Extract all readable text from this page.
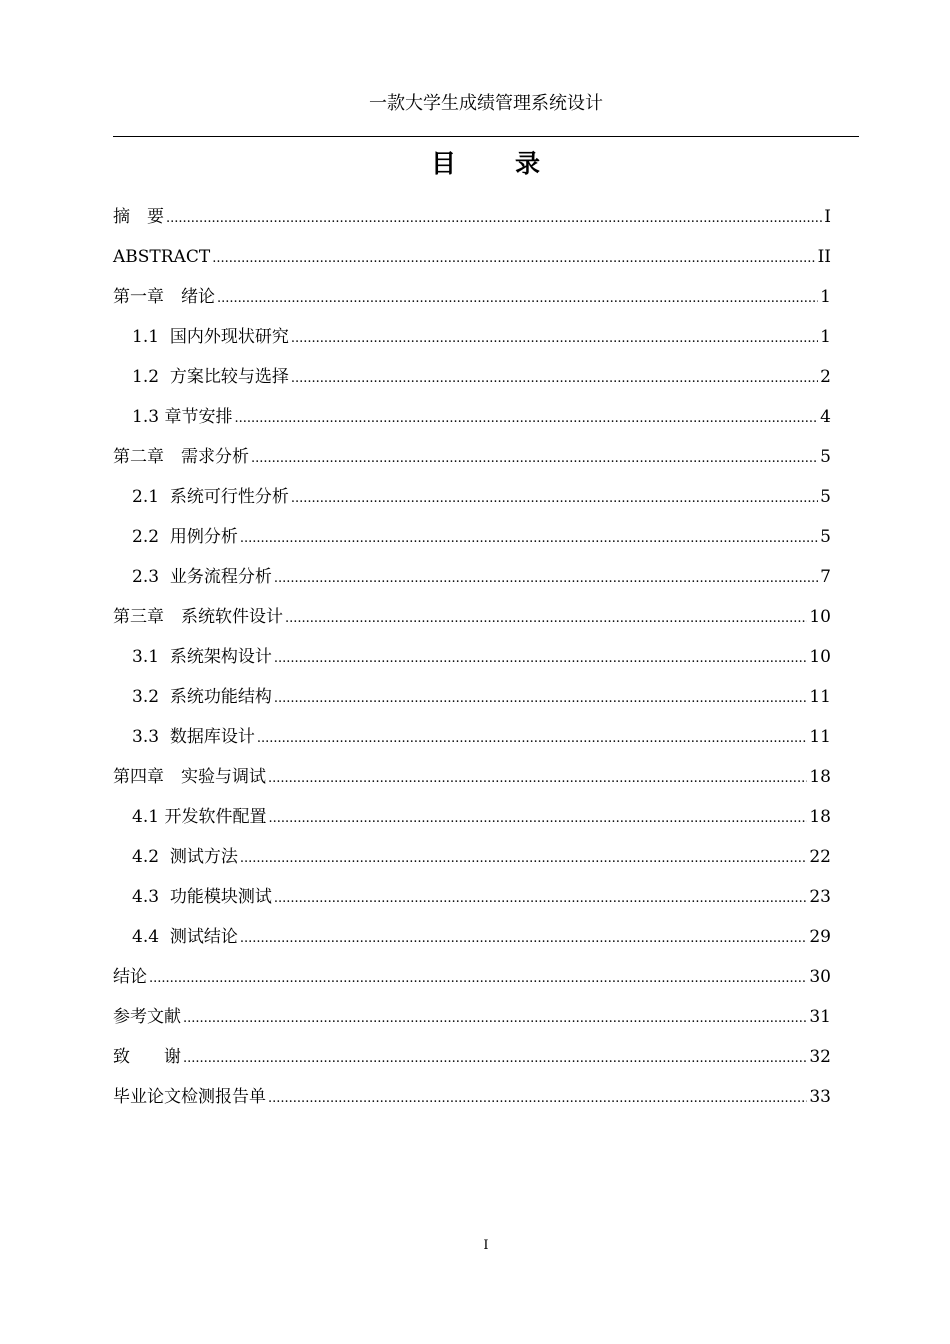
一款大学生成绩管理系统设计
目 录
摘　要 .....	I
ABSTRACT .....	II
第一章　绪论 .....	1
1.1  国内外现状研究 .....	1
1.2  方案比较与选择 .....	2
1.3 章节安排 .....	4
第二章　需求分析 .....	5
2.1  系统可行性分析 .....	5
2.2  用例分析 .....	5
2.3  业务流程分析 .....	7
第三章　系统软件设计 .....	10
3.1  系统架构设计 .....	10
3.2  系统功能结构 .....	11
3.3  数据库设计 .....	11
第四章　实验与调试 .....	18
4.1 开发软件配置 .....	18
4.2  测试方法 .....	22
4.3  功能模块测试 .....	23
4.4  测试结论 .....	29
结论 .....	30
参考文献 .....	31
致　　谢 .....	32
毕业论文检测报告单 .....	33
I
